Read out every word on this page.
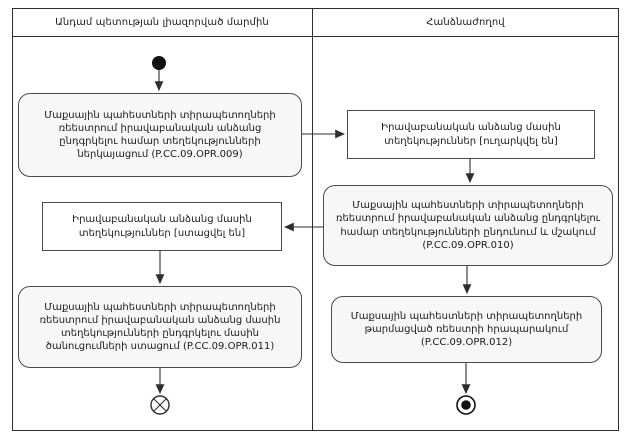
Անդամ պետության լիազորված մարմին	Հանձնաժողով
Մաքսային պահեստների տիրապետողների ռեեստրում իրավաբանական անձանց ընդգրկելու համար տեղեկությունների ներկայացում (P.CC.09.OPR.009)
Իրավաբանական անձանց մասին տեղեկություններ [ուղարկվել են]
Մաքսային պահեստների տիրապետողների ռեեստրում իրավաբանական անձանց ընդգրկելու համար տեղեկությունների ընդունում և մշակում (P.CC.09.OPR.010)
Իրավաբանական անձանց մասին տեղեկություններ [ստացվել են]
Մաքսային պահեստների տիրապետողների ռեեստրում իրավաբանական անձանց մասին տեղեկությունների ընդգրկելու մասին ծանուցումների ստացում (P.CC.09.OPR.011)
Մաքսային պահեստների տիրապետողների թարմացված ռեեստրի հրապարակում (P.CC.09.OPR.012)
